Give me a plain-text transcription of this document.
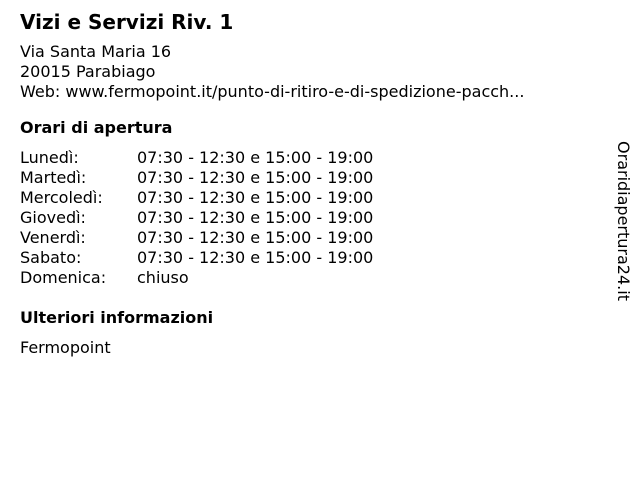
Vizi e Servizi Riv. 1
Via Santa Maria 16
20015 Parabiago
Web: www.fermopoint.it/punto-di-ritiro-e-di-spedizione-pacch...
Orari di apertura
Lunedì:	07:30 - 12:30 e 15:00 - 19:00
Martedì:	07:30 - 12:30 e 15:00 - 19:00
Mercoledì:	07:30 - 12:30 e 15:00 - 19:00
Giovedì:	07:30 - 12:30 e 15:00 - 19:00
Venerdì:	07:30 - 12:30 e 15:00 - 19:00
Sabato:	07:30 - 12:30 e 15:00 - 19:00
Domenica:	chiuso
Ulteriori informazioni
Fermopoint
Oraridiapertura24.it
